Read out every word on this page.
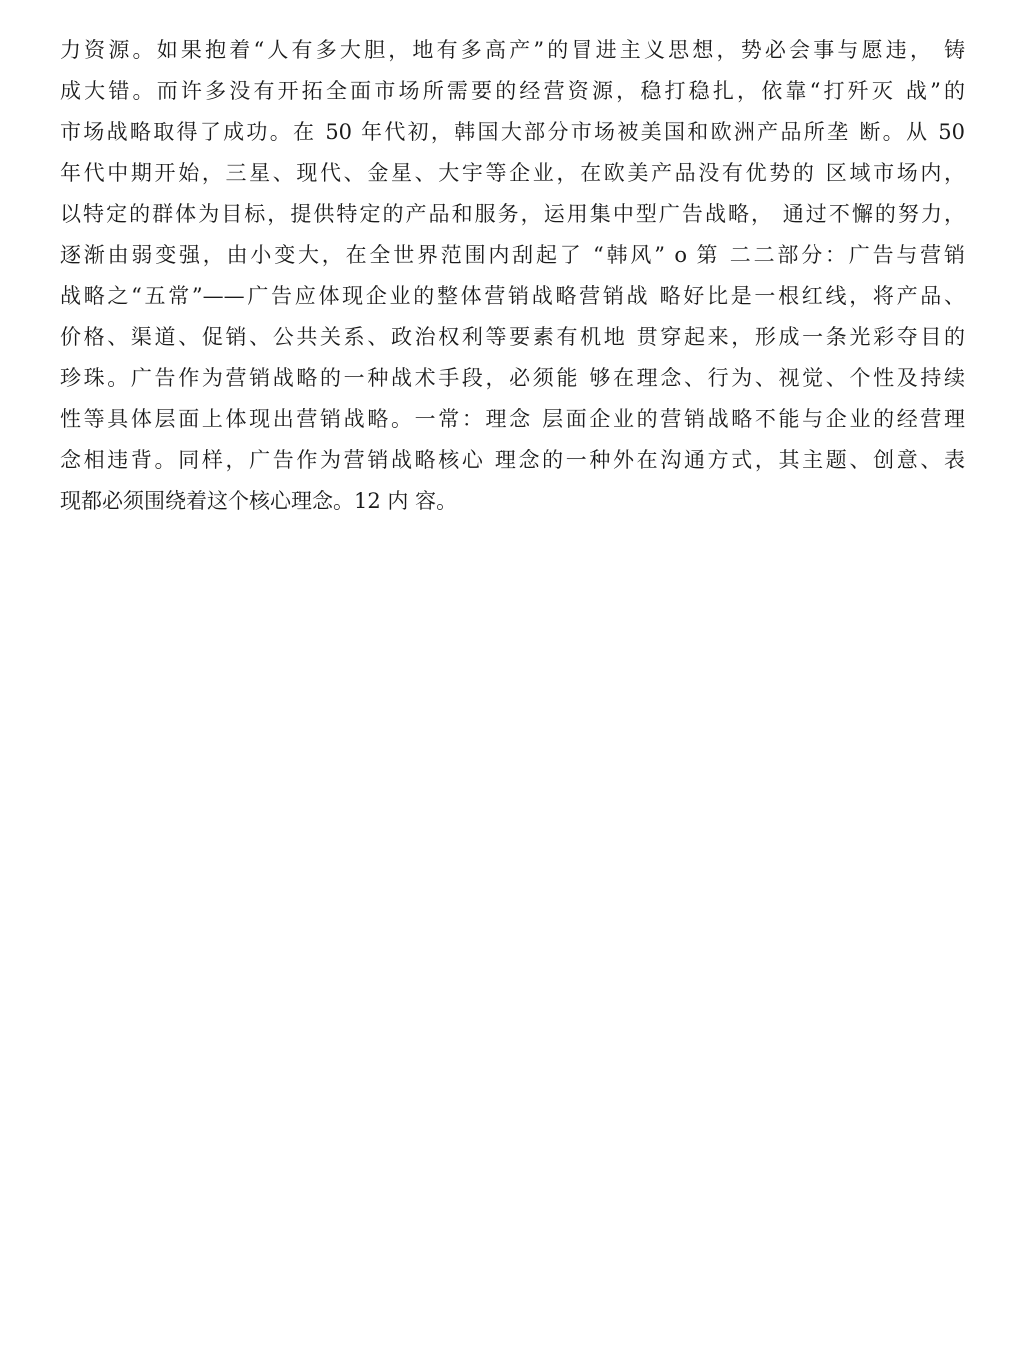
力资源。如果抱着“人有多大胆，地有多高产”的冒进主义思想，势必会事与愿违， 铸
成大错。而许多没有开拓全面市场所需要的经营资源，稳打稳扎，依靠“打歼灭 战”的
市场战略取得了成功。在 50 年代初，韩国大部分市场被美国和欧洲产品所垄 断。从 50
年代中期开始，三星、现代、金星、大宇等企业，在欧美产品没有优势的 区域市场内，
以特定的群体为目标，提供特定的产品和服务，运用集中型广告战略， 通过不懈的努力，
逐渐由弱变强，由小变大，在全世界范围内刮起了 “韩风” o 第 二二部分：广告与营销
战略之“五常”——广告应体现企业的整体营销战略营销战 略好比是一根红线，将产品、
价格、渠道、促销、公共关系、政治权利等要素有机地 贯穿起来，形成一条光彩夺目的
珍珠。广告作为营销战略的一种战术手段，必须能 够在理念、行为、视觉、个性及持续
性等具体层面上体现出营销战略。一常：理念 层面企业的营销战略不能与企业的经营理
念相违背。同样，广告作为营销战略核心 理念的一种外在沟通方式，其主题、创意、表
现都必须围绕着这个核心理念。12 内 容。
